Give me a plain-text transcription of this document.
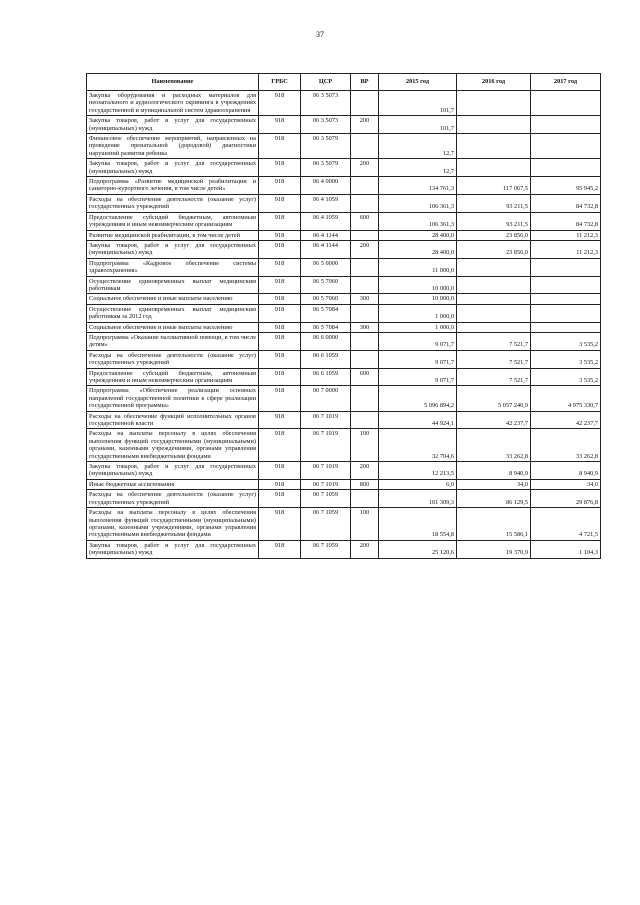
37
Наименование	ГРБС	ЦСР	ВР	2015 год	2016 год	2017 год
Закупка оборудования и расходных материалов для неонатального и аудиологического скрининга в учреждениях государственной и муниципальной систем здравоохранения	918	06 3 5073		101,7		
Закупка товаров, работ и услуг для государственных (муниципальных) нужд	918	06 3 5073	200	101,7		
Финансовое обеспечение мероприятий, направленных на проведение пренатальной (дородовой) диагностики нарушений развития ребенка	918	06 3 5079		12,7		
Закупка товаров, работ и услуг для государственных (муниципальных) нужд	918	06 3 5079	200	12,7		
Подпрограмма «Развитие медицинской реабилитации и санаторно-курортного лечения, в том числе детей»	918	06 4 0000		134 761,3	117 067,5	95 945,2
Расходы на обеспечение деятельности (оказание услуг) государственных учреждений	918	06 4 1059		106 361,3	93 211,5	84 732,8
Предоставление субсидий бюджетным, автономным учреждениям и иным некоммерческим организациям	918	06 4 1059	600	106 361,3	93 211,5	84 732,8
Развитие медицинской реабилитации, в том числе детей	918	06 4 1144		28 400,0	23 856,0	11 212,3
Закупка товаров, работ и услуг для государственных (муниципальных) нужд	918	06 4 1144	200	28 400,0	23 856,0	11 212,3
Подпрограмма «Кадровое обеспечение системы здравоохранения»	918	06 5 0000		11 000,0		
Осуществление единовременных выплат медицинским работникам	918	06 5 7060		10 000,0		
Социальное обеспечение и иные выплаты населению	918	06 5 7060	300	10 000,0		
Осуществление единовременных выплат медицинским работникам за 2012 год	918	06 5 7084		1 000,0		
Социальное обеспечение и иные выплаты населению	918	06 5 7084	300	1 000,0		
Подпрограмма «Оказание паллиативной помощи, в том числе детям»	918	06 6 0000		9 071,7	7 521,7	3 535,2
Расходы на обеспечение деятельности (оказание услуг) государственных учреждений	918	06 6 1059		9 071,7	7 521,7	3 535,2
Предоставление субсидий бюджетным, автономным учреждениям и иным некоммерческим организациям	918	06 6 1059	600	9 071,7	7 521,7	3 535,2
Подпрограмма «Обеспечение реализации основных направлений государственной политики в сфере реализации государственной программы»	918	06 7 0000		5 096 894,2	5 057 240,9	4 975 330,7
Расходы на обеспечение функций исполнительных органов государственной власти	918	06 7 1019		44 924,1	42 237,7	42 237,7
Расходы на выплаты персоналу в целях обеспечения выполнения функций государственными (муниципальными) органами, казенными учреждениями, органами управления государственными внебюджетными фондами	918	06 7 1019	100	32 704,6	33 262,8	33 262,8
Закупка товаров, работ и услуг для государственных (муниципальных) нужд	918	06 7 1019	200	12 213,5	8 940,9	8 940,9
Иные бюджетные ассигнования	918	06 7 1019	800	6,0	34,0	34,0
Расходы на обеспечение деятельности (оказание услуг) государственных учреждений	918	06 7 1059		101 309,3	86 129,5	29 876,8
Расходы на выплаты персоналу в целях обеспечения выполнения функций государственными (муниципальными) органами, казенными учреждениями, органами управления государственными внебюджетными фондами	918	06 7 1059	100	18 554,8	15 586,1	4 721,5
Закупка товаров, работ и услуг для государственных (муниципальных) нужд	918	06 7 1059	200	25 120,6	19 370,9	1 104,3
